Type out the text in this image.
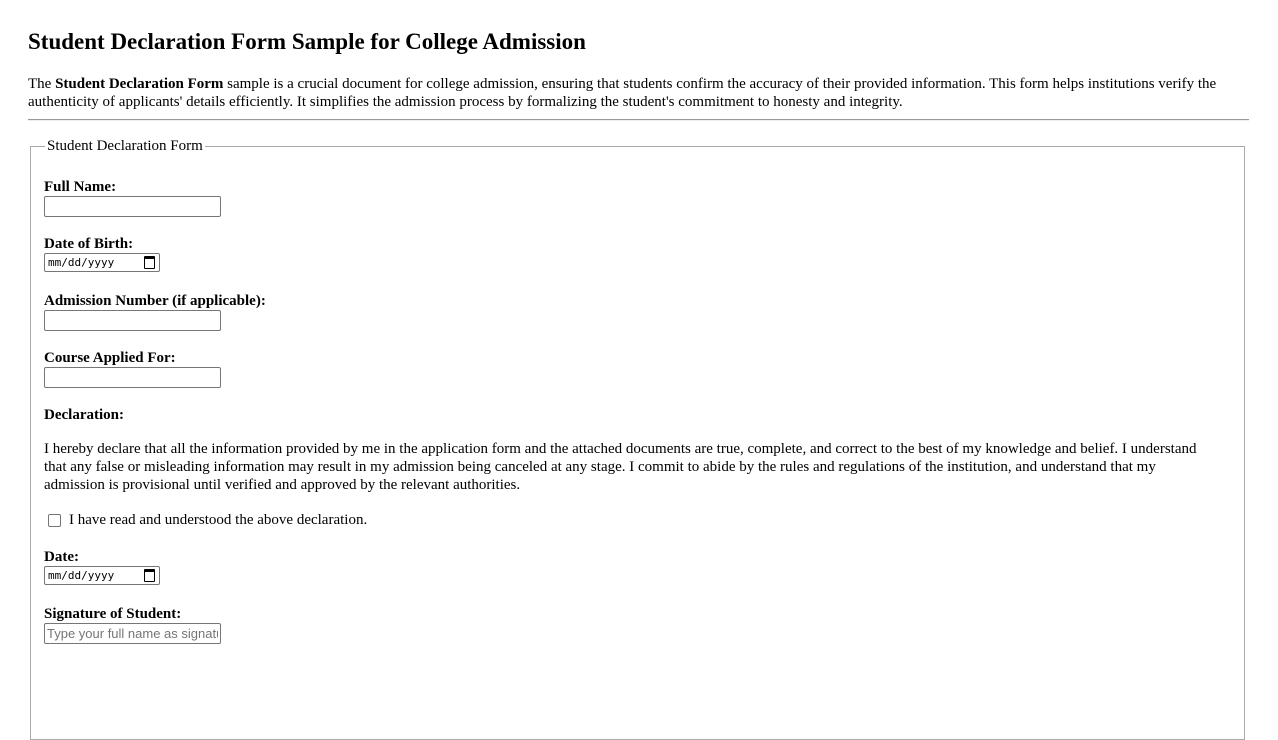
Student Declaration Form Sample for College Admission

The Student Declaration Form sample is a crucial document for college admission, ensuring that students confirm the accuracy of their provided information. This form helps institutions verify the authenticity of applicants' details efficiently. It simplifies the admission process by formalizing the student's commitment to honesty and integrity.

Student Declaration Form
Full Name:
Date of Birth:
mm/dd/yyyy
Admission Number (if applicable):
Course Applied For:
Declaration:

I hereby declare that all the information provided by me in the application form and the attached documents are true, complete, and correct to the best of my knowledge and belief. I understand that any false or misleading information may result in my admission being canceled at any stage. I commit to abide by the rules and regulations of the institution, and understand that my admission is provisional until verified and approved by the relevant authorities.

I have read and understood the above declaration.
Date:
mm/dd/yyyy
Signature of Student:
Type your full name as signature
